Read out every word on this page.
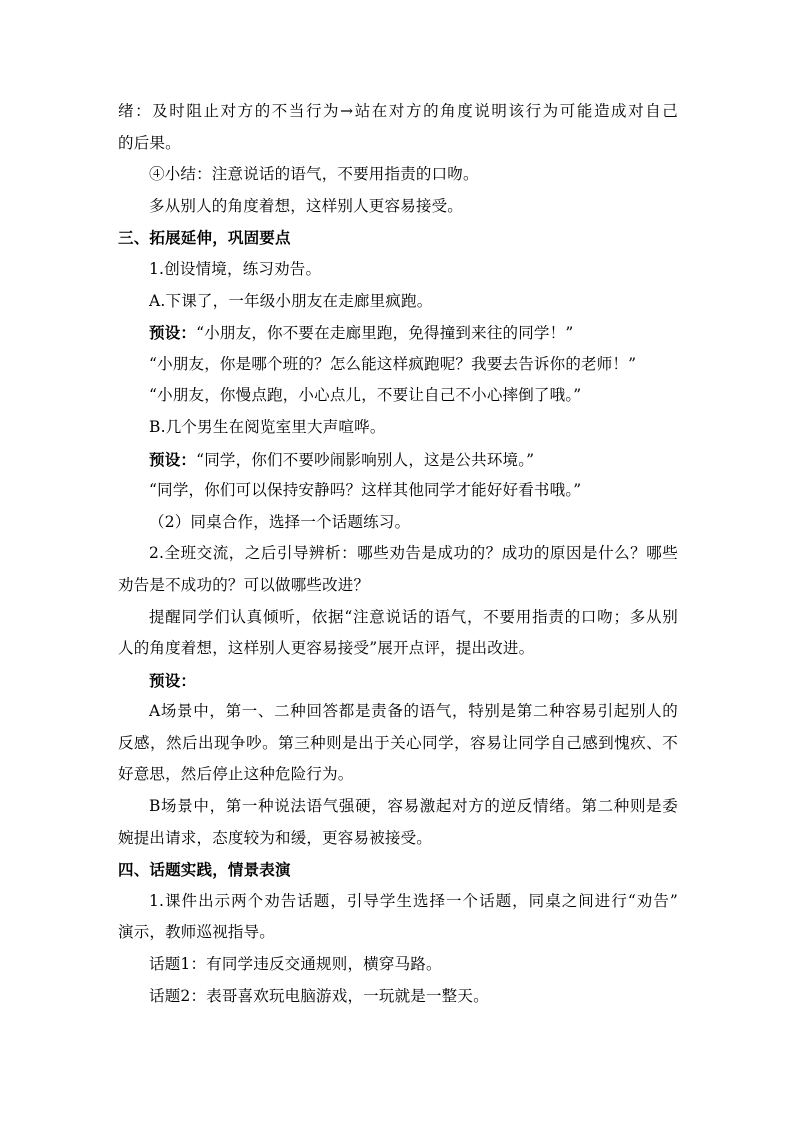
绪：及时阻止对方的不当行为→站在对方的角度说明该行为可能造成对自己
的后果。
④小结：注意说话的语气，不要用指责的口吻。
多从别人的角度着想，这样别人更容易接受。
三、拓展延伸，巩固要点
1.创设情境，练习劝告。
A.下课了，一年级小朋友在走廊里疯跑。
预设：“小朋友，你不要在走廊里跑，免得撞到来往的同学！”
“小朋友，你是哪个班的？怎么能这样疯跑呢？我要去告诉你的老师！”
“小朋友，你慢点跑，小心点儿，不要让自己不小心摔倒了哦。”
B.几个男生在阅览室里大声喧哗。
预设：“同学，你们不要吵闹影响别人，这是公共环境。”
“同学，你们可以保持安静吗？这样其他同学才能好好看书哦。”
（2）同桌合作，选择一个话题练习。
2.全班交流，之后引导辨析：哪些劝告是成功的？成功的原因是什么？哪些
劝告是不成功的？可以做哪些改进？
提醒同学们认真倾听，依据“注意说话的语气，不要用指责的口吻；多从别
人的角度着想，这样别人更容易接受”展开点评，提出改进。
预设：
A场景中，第一、二种回答都是责备的语气，特别是第二种容易引起别人的
反感，然后出现争吵。第三种则是出于关心同学，容易让同学自己感到愧疚、不
好意思，然后停止这种危险行为。
B场景中，第一种说法语气强硬，容易激起对方的逆反情绪。第二种则是委
婉提出请求，态度较为和缓，更容易被接受。
四、话题实践，情景表演
1.课件出示两个劝告话题，引导学生选择一个话题，同桌之间进行“劝告”
演示，教师巡视指导。
话题1：有同学违反交通规则，横穿马路。
话题2：表哥喜欢玩电脑游戏，一玩就是一整天。
